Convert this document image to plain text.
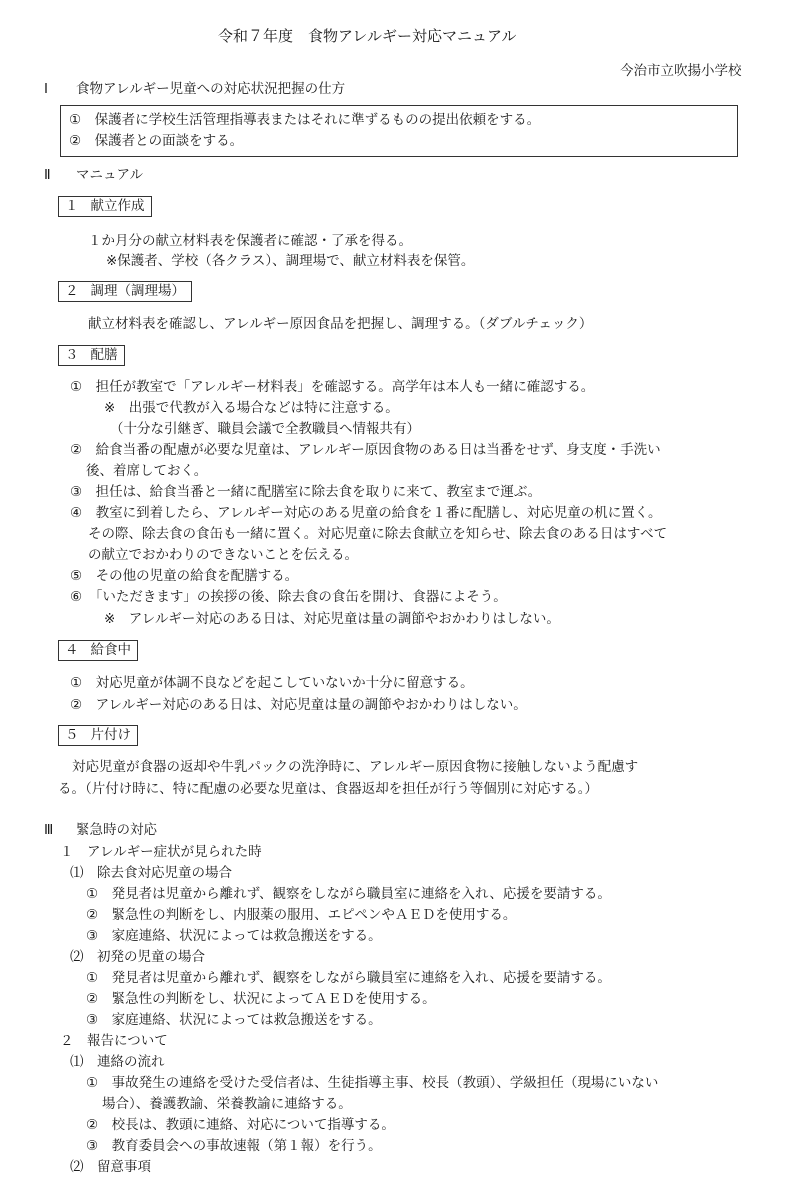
令和７年度　食物アレルギー対応マニュアル
今治市立吹揚小学校
Ⅰ 食物アレルギー児童への対応状況把握の仕方
①　保護者に学校生活管理指導表またはそれに準ずるものの提出依頼をする。
②　保護者との面談をする。
Ⅱ マニュアル
１ 献立作成
１か月分の献立材料表を保護者に確認・了承を得る。
※保護者、学校（各クラス）、調理場で、献立材料表を保管。
２ 調理（調理場）
献立材料表を確認し、アレルギー原因食品を把握し、調理する。（ダブルチェック）
３ 配膳
①　担任が教室で「アレルギー材料表」を確認する。高学年は本人も一緒に確認する。
※　出張で代教が入る場合などは特に注意する。
（十分な引継ぎ、職員会議で全教職員へ情報共有）
②　給食当番の配慮が必要な児童は、アレルギー原因食物のある日は当番をせず、身支度・手洗い
後、着席しておく。
③　担任は、給食当番と一緒に配膳室に除去食を取りに来て、教室まで運ぶ。
④　教室に到着したら、アレルギー対応のある児童の給食を１番に配膳し、対応児童の机に置く。
その際、除去食の食缶も一緒に置く。対応児童に除去食献立を知らせ、除去食のある日はすべて
の献立でおかわりのできないことを伝える。
⑤　その他の児童の給食を配膳する。
⑥　「いただきます」の挨拶の後、除去食の食缶を開け、食器によそう。
※　アレルギー対応のある日は、対応児童は量の調節やおかわりはしない。
４ 給食中
①　対応児童が体調不良などを起こしていないか十分に留意する。
②　アレルギー対応のある日は、対応児童は量の調節やおかわりはしない。
５ 片付け
対応児童が食器の返却や牛乳パックの洗浄時に、アレルギー原因食物に接触しないよう配慮す
る。（片付け時に、特に配慮の必要な児童は、食器返却を担任が行う等個別に対応する。）
Ⅲ 緊急時の対応
１　アレルギー症状が見られた時
⑴　除去食対応児童の場合
①　発見者は児童から離れず、観察をしながら職員室に連絡を入れ、応援を要請する。
②　緊急性の判断をし、内服薬の服用、エピペンやＡＥＤを使用する。
③　家庭連絡、状況によっては救急搬送をする。
⑵　初発の児童の場合
①　発見者は児童から離れず、観察をしながら職員室に連絡を入れ、応援を要請する。
②　緊急性の判断をし、状況によってＡＥＤを使用する。
③　家庭連絡、状況によっては救急搬送をする。
２　報告について
⑴　連絡の流れ
①　事故発生の連絡を受けた受信者は、生徒指導主事、校長（教頭）、学級担任（現場にいない
場合）、養護教諭、栄養教諭に連絡する。
②　校長は、教頭に連絡、対応について指導する。
③　教育委員会への事故速報（第１報）を行う。
⑵　留意事項
